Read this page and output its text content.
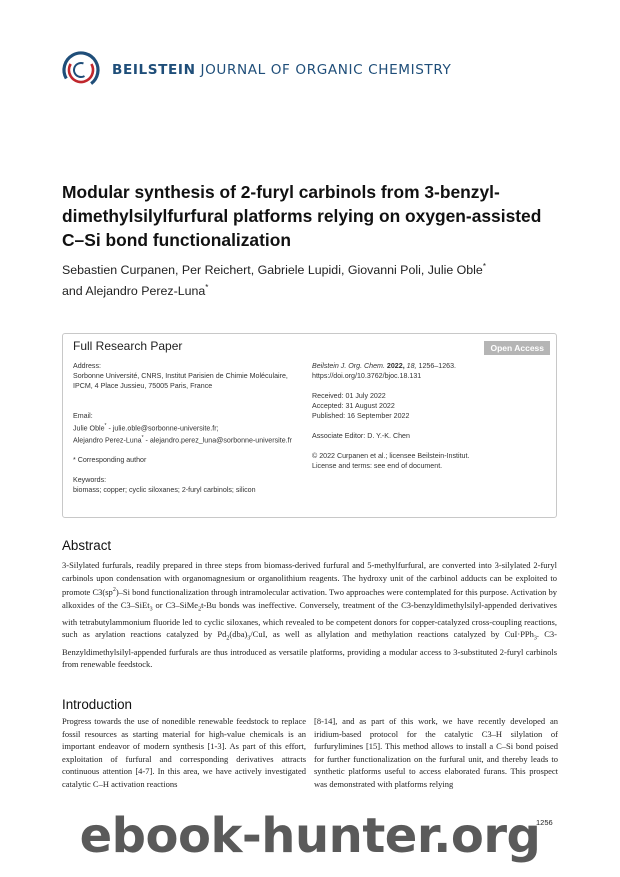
BEILSTEIN JOURNAL OF ORGANIC CHEMISTRY
Modular synthesis of 2-furyl carbinols from 3-benzyl-
dimethylsilylfurfural platforms relying on oxygen-assisted
C–Si bond functionalization
Sebastien Curpanen, Per Reichert, Gabriele Lupidi, Giovanni Poli, Julie Oble*
and Alejandro Perez-Luna*
Full Research Paper	Open Access
Address:
Sorbonne Université, CNRS, Institut Parisien de Chimie Moléculaire,
IPCM, 4 Place Jussieu, 75005 Paris, France
Email:
Julie Oble* - julie.oble@sorbonne-universite.fr;
Alejandro Perez-Luna* - alejandro.perez_luna@sorbonne-universite.fr
* Corresponding author
Keywords:
biomass; copper; cyclic siloxanes; 2-furyl carbinols; silicon
Beilstein J. Org. Chem. 2022, 18, 1256–1263.
https://doi.org/10.3762/bjoc.18.131
Received: 01 July 2022
Accepted: 31 August 2022
Published: 16 September 2022
Associate Editor: D. Y.-K. Chen
© 2022 Curpanen et al.; licensee Beilstein-Institut.
License and terms: see end of document.
Abstract
3-Silylated furfurals, readily prepared in three steps from biomass-derived furfural and 5-methylfurfural, are converted into 3-silylated 2-furyl carbinols upon condensation with organomagnesium or organolithium reagents. The hydroxy unit of the carbinol adducts can be exploited to promote $C3(sp^2)-Si$ bond functionalization through intramolecular activation. Two approaches were contemplated for this purpose. Activation by alkoxides of the C3–SiEt$_3$ or C3–SiMe$_2$t-Bu bonds was ineffective. Conversely, treatment of the C3-benzyldimethylsilyl-appended derivatives with tetrabutylammonium fluoride led to cyclic siloxanes, which revealed to be competent donors for copper-catalyzed cross-coupling reactions, such as arylation reactions catalyzed by $Pd_2(dba)_3$/CuI, as well as allylation and methylation reactions catalyzed by CuI·PPh$_3$. C3-Benzyldimethylsilyl-appended furfurals are thus introduced as versatile platforms, providing a modular access to 3-substituted 2-furyl carbinols from renewable feedstock.
Introduction
Progress towards the use of nonedible renewable feedstock to replace fossil resources as starting material for high-value chemicals is an important endeavor of modern synthesis [1-3]. As part of this effort, exploitation of furfural and corresponding derivatives attracts continuous attention [4-7]. In this area, we have actively investigated catalytic C–H activation reactions
[8-14], and as part of this work, we have recently developed an iridium-based protocol for the catalytic C3–H silylation of furfurylimines [15]. This method allows to install a C–Si bond poised for further functionalization on the furfural unit, and thereby leads to synthetic platforms useful to access elaborated furans. This prospect was demonstrated with platforms relying
1256
ebook-hunter.org
